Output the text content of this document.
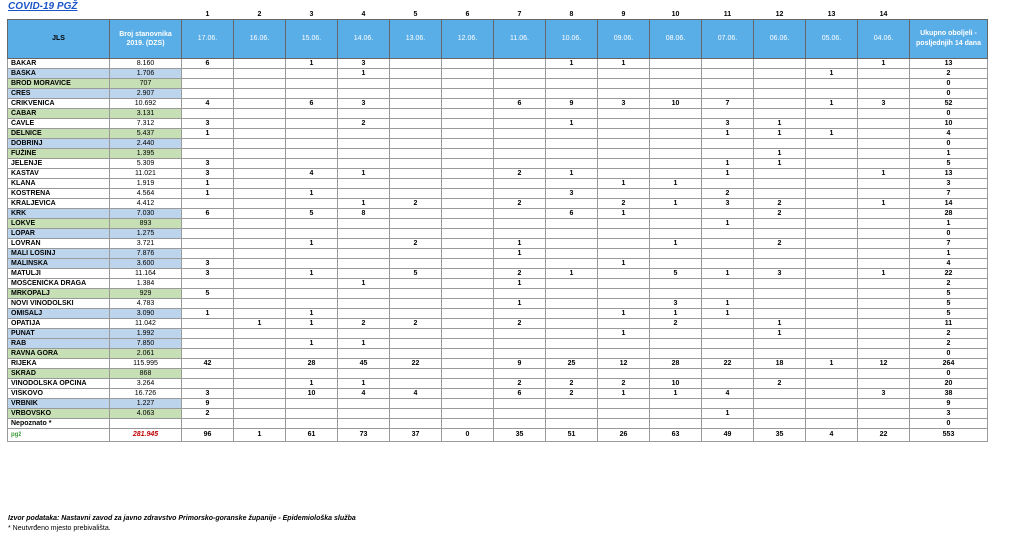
COVID-19 PGŽ
		1	2	3	4	5	6	7	8	9	10	11	12	13	14	
JLS	Broj stanovnika 2019. (DZS)	17.06.	16.06.	15.06.	14.06.	13.06.	12.06.	11.06.	10.06.	09.06.	08.06.	07.06.	06.06.	05.06.	04.06.	Ukupno oboljeli - posljednjih 14 dana
BAKAR	8.160	6		1	3				1	1					1	13
BAŠKA	1.706				1									1		2
BROD MORAVICE	707															0
CRES	2.907															0
CRIKVENICA	10.692	4		6	3			6	9	3	10	7		1	3	52
ČABAR	3.131															0
ČAVLE	7.312	3			2				1			3	1			10
DELNICE	5.437	1										1	1	1		4
DOBRINJ	2.440															0
FUŽINE	1.395												1			1
JELENJE	5.309	3										1	1			5
KASTAV	11.021	3		4	1			2	1			1			1	13
KLANA	1.919	1								1	1					3
KOSTRENA	4.564	1		1					3			2				7
KRALJEVICA	4.412				1	2		2		2	1	3	2		1	14
KRK	7.030	6		5	8				6	1			2			28
LOKVE	893											1				1
LOPAR	1.275															0
LOVRAN	3.721			1		2		1			1		2			7
MALI LOŠINJ	7.876							1								1
MALINSKA	3.600	3								1						4
MATULJI	11.164	3		1		5		2	1		5	1	3		1	22
MOŠĆENIČKA DRAGA	1.384				1			1								2
MRKOPALJ	929	5														5
NOVI VINODOLSKI	4.783							1			3	1				5
OMIŠALJ	3.090	1		1						1	1	1				5
OPATIJA	11.042		1	1	2	2		2			2		1			11
PUNAT	1.992									1			1			2
RAB	7.850			1	1											2
RAVNA GORA	2.061															0
RIJEKA	115.995	42		28	45	22		9	25	12	28	22	18	1	12	264
SKRAD	868															0
VINODOLSKA OPĆINA	3.264			1	1			2	2	2	10		2			20
VIŠKOVO	16.726	3		10	4	4		6	2	1	1	4			3	38
VRBNIK	1.227	9														9
VRBOVSKO	4.063	2										1				3
Nepoznato *																0
pgž	281.945	96	1	61	73	37	0	35	51	26	63	49	35	4	22	553
Izvor podataka: Nastavni zavod za javno zdravstvo Primorsko-goranske županije - Epidemiološka služba
* Neutvrđeno mjesto prebivališta.
